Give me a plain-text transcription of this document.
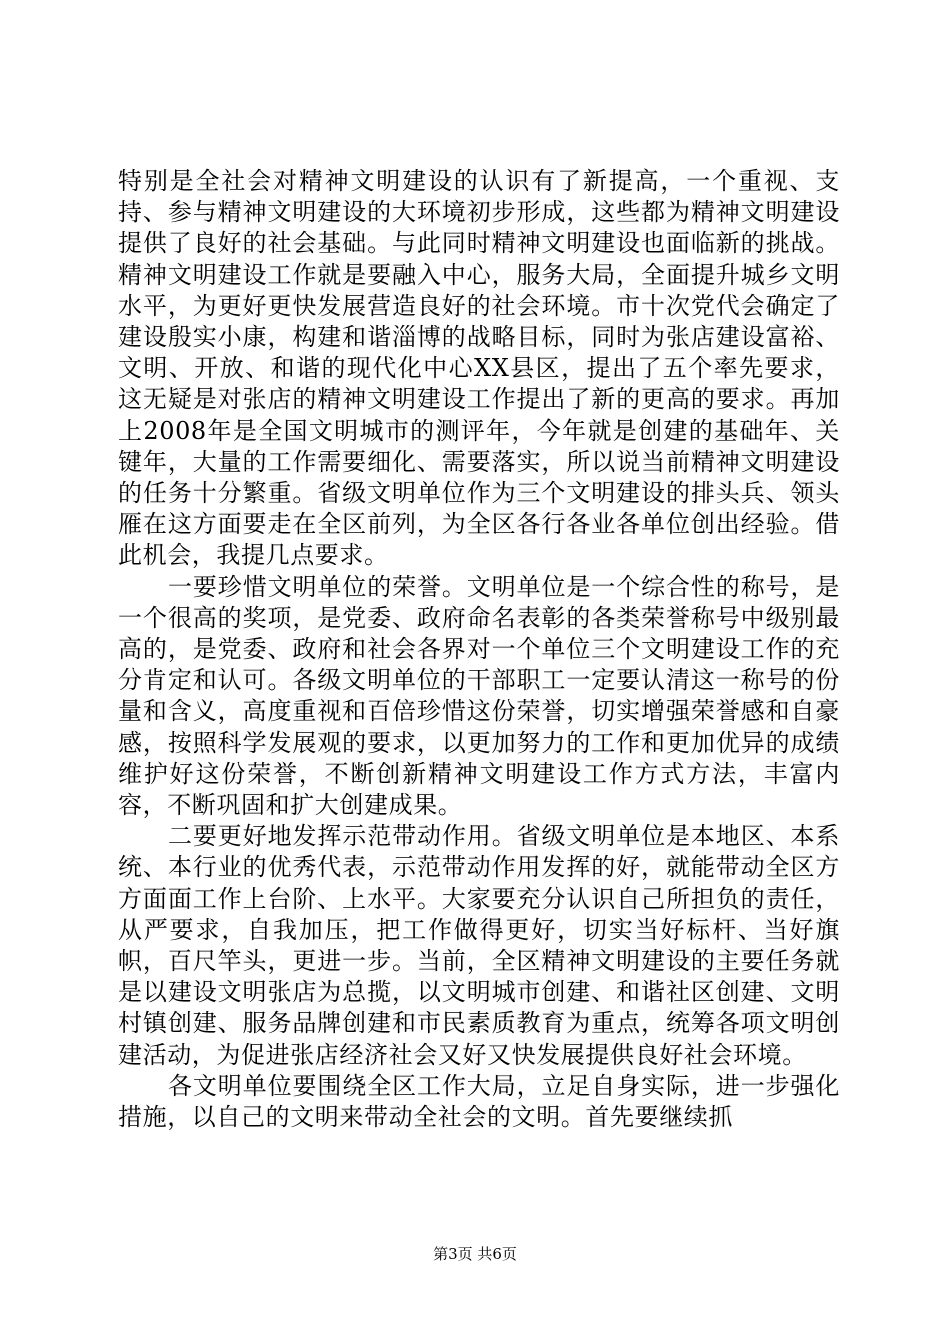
特别是全社会对精神文明建设的认识有了新提高，一个重视、支持、参与精神文明建设的大环境初步形成，这些都为精神文明建设提供了良好的社会基础。与此同时精神文明建设也面临新的挑战。精神文明建设工作就是要融入中心，服务大局，全面提升城乡文明水平，为更好更快发展营造良好的社会环境。市十次党代会确定了建设殷实小康，构建和谐淄博的战略目标，同时为张店建设富裕、文明、开放、和谐的现代化中心XX县区，提出了五个率先要求，这无疑是对张店的精神文明建设工作提出了新的更高的要求。再加上2008年是全国文明城市的测评年，今年就是创建的基础年、关键年，大量的工作需要细化、需要落实，所以说当前精神文明建设的任务十分繁重。省级文明单位作为三个文明建设的排头兵、领头雁在这方面要走在全区前列，为全区各行各业各单位创出经验。借此机会，我提几点要求。

一要珍惜文明单位的荣誉。文明单位是一个综合性的称号，是一个很高的奖项，是党委、政府命名表彰的各类荣誉称号中级别最高的，是党委、政府和社会各界对一个单位三个文明建设工作的充分肯定和认可。各级文明单位的干部职工一定要认清这一称号的份量和含义，高度重视和百倍珍惜这份荣誉，切实增强荣誉感和自豪感，按照科学发展观的要求，以更加努力的工作和更加优异的成绩维护好这份荣誉，不断创新精神文明建设工作方式方法，丰富内容，不断巩固和扩大创建成果。

二要更好地发挥示范带动作用。省级文明单位是本地区、本系统、本行业的优秀代表，示范带动作用发挥的好，就能带动全区方方面面工作上台阶、上水平。大家要充分认识自己所担负的责任，从严要求，自我加压，把工作做得更好，切实当好标杆、当好旗帜，百尺竿头，更进一步。当前，全区精神文明建设的主要任务就是以建设文明张店为总揽，以文明城市创建、和谐社区创建、文明村镇创建、服务品牌创建和市民素质教育为重点，统筹各项文明创建活动，为促进张店经济社会又好又快发展提供良好社会环境。

各文明单位要围绕全区工作大局，立足自身实际，进一步强化措施，以自己的文明来带动全社会的文明。首先要继续抓

第3页 共6页
